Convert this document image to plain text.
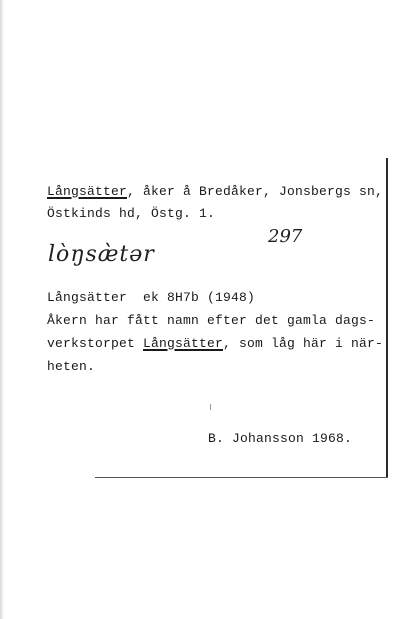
Långsätter, åker å Bredåker, Jonsbergs sn,
Östkinds hd, Östg. 1.
lòŋsæ̀tər
297
Långsätter  ek 8H7b (1948)
Åkern har fått namn efter det gamla dags-
verkstorpet Långsätter, som låg här i när-
heten.
B. Johansson 1968.
